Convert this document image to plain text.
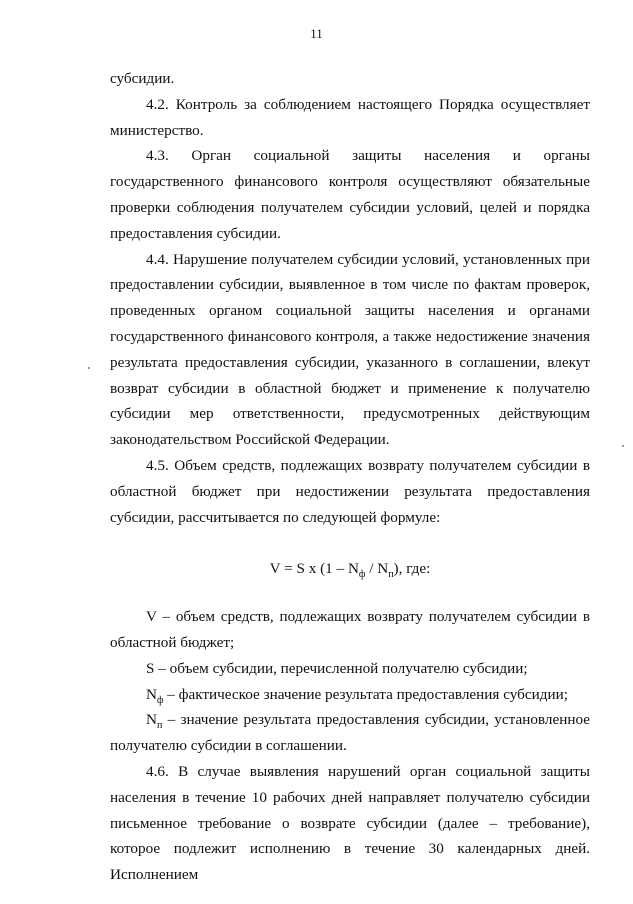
11

субсидии.

4.2. Контроль за соблюдением настоящего Порядка осуществляет министерство.

4.3. Орган социальной защиты населения и органы государственного финансового контроля осуществляют обязательные проверки соблюдения получателем субсидии условий, целей и порядка предоставления субсидии.

4.4. Нарушение получателем субсидии условий, установленных при предоставлении субсидии, выявленное в том числе по фактам проверок, проведенных органом социальной защиты населения и органами государственного финансового контроля, а также недостижение значения результата предоставления субсидии, указанного в соглашении, влекут возврат субсидии в областной бюджет и применение к получателю субсидии мер ответственности, предусмотренных действующим законодательством Российской Федерации.

4.5. Объем средств, подлежащих возврату получателем субсидии в областной бюджет при недостижении результата предоставления субсидии, рассчитывается по следующей формуле:

V = S x $(1 - N_ф / N_п)$, где:

V – объем средств, подлежащих возврату получателем субсидии в областной бюджет;

S – объем субсидии, перечисленной получателю субсидии;

$N_ф$ – фактическое значение результата предоставления субсидии;

$N_п$ – значение результата предоставления субсидии, установленное получателю субсидии в соглашении.

4.6. В случае выявления нарушений орган социальной защиты населения в течение 10 рабочих дней направляет получателю субсидии письменное требование о возврате субсидии (далее – требование), которое подлежит исполнению в течение 30 календарных дней. Исполнением
